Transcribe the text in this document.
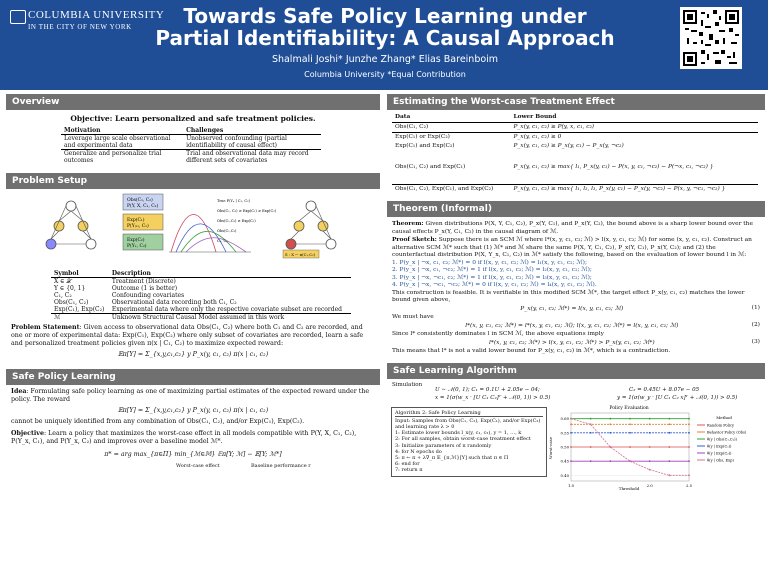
COLUMBIA UNIVERSITY
IN THE CITY OF NEW YORK	Towards Safe Policy Learning under Partial Identifiability: A Causal Approach
Shalmali Joshi* Junzhe Zhang* Elias Bareinboim
Columbia University *Equal Contribution
Overview
Objective: Learn personalized and safe treatment policies.
Motivation	Challenges
Leverage large scale observational and experimental data	Unobserved confounding (partial identifiability of causal effect)
Generalize and personalize trial outcomes	Trial and observational data may record different sets of covariates
Problem Setup
Obs(C₁, C₂)
P(Y, X, C₁, C₂)
Exp(C₁)
P(Y₍ₓ₎, C₁)
Exp(C₂)
P(Yₓ, C₂)
True P(Yₓ | C₁, C₂)
Obs(C₁, C₂) ≥ Exp(C₁) ≥ Exp(C₂)
Obs(C₁,C₂) ≥ Exp(C₁)
Obs(C₁,C₂)
C₁, C₂
S : X ← π(C₁,C₂)
Symbol	Description
X ∈ 𝒳	Treatment (Discrete)
Y ∈ {0, 1}	Outcome (1 is better)
C₁, C₂	Confounding covariates
Obs(C₁, C₂)	Observational data recording both C₁, C₂
Exp(C₁), Exp(C₂)	Experimental data where only the respective covariate subset are recorded
ℳ	Unknown Structural Causal Model assumed in this work
Problem Statement: Given access to observational data Obs(C₁, C₂) where both C₁ and C₂ are recorded, and one or more of experimental data: Exp(C₁), Exp(C₂) where only subset of covariates are recorded, learn a safe and personalized treatment policies given π(x | C₁, C₂) to maximize expected reward:
𝔼π[Y] = Σ_{x,y,c₁,c₂} y P_x(y, c₁, c₂) π(x | c₁, c₂)
Safe Policy Learning
Idea: Formulating safe policy learning as one of maximizing partial estimates of the expected reward under the policy. The reward
𝔼π[Y] = Σ_{x,y,c₁,c₂} y P_x(y, c₁, c₂) π(x | c₁, c₂)
cannot be uniquely identified from any combination of Obs(C₁, C₂), and/or Exp(C₁), Exp(C₂).
Objective: Learn a policy that maximizes the worst-case effect in all models compatible with P(Y, X, C₁, C₂), P(Y_x, C₁), and P(Y_x, C₂) and improves over a baseline model ℳ*.
π* = arg max_{π∈Π} min_{ℳ∈𝕄} 𝔼π[Y; ℳ] − 𝔼[Y; ℳ*]
Worst-case effect	Baseline performance r
Estimating the Worst-case Treatment Effect
Data	Lower Bound
Obs(C₁, C₂)	P_x(y, c₁, c₂) ≥ P(y, x, c₁, c₂)
Exp(C₁) or Exp(C₂)	P_x(y, c₁, c₂) ≥ 0
Exp(C₁) and Exp(C₂)	P_x(y, c₁, c₂) ≥ P_x(y, c₁) − P_x(y, ¬c₂)
Obs(C₁, C₂) and Exp(C₁)	P_x(y, c₁, c₂) ≥ max{ l₁, P_x(y, c₁) − P(x, y, c₁, ¬c₂) − P(¬x, c₁, ¬c₂) }
Obs(C₁, C₂), Exp(C₁), and Exp(C₂)	P_x(y, c₁, c₂) ≥ max{ l₁, l₂, l₃, P_x(y, c₁) − P_x(y, ¬c₂) − P(x, y, ¬c₁, ¬c₂) }
Theorem (Informal)
Theorem: Given distributions P(X, Y, C₁, C₂), P_x(Y, C₁), and P_x(Y, C₂), the bound above is a sharp lower bound over the causal effects P_x(Y, C₁, C₂) in the causal diagram of ℳ.
Proof Sketch: Suppose there is an SCM ℳ where l*(x, y, c₁, c₂; ℳ) > l(x, y, c₁, c₂; ℳ) for some (x, y, c₁, c₂). Construct an alternative SCM ℳ* such that (1) ℳ* and ℳ share the same P(X, Y, C₁, C₂), P_x(Y, C₁), P_x(Y, C₂); and (2) the counterfactual distribution P(X, Y_x, C₁, C₂) in ℳ* satisfy the following, based on the evaluation of lower bound l in ℳ:
1. P(y_x | ¬x, c₁, c₂; ℳ*) = 0 if l(x, y, c₁, c₂; ℳ) = l₁(x, y, c₁, c₂; ℳ);
2. P(y_x | ¬x, c₁, ¬c₂; ℳ*) = 1 if l(x, y, c₁, c₂; ℳ) = l₂(x, y, c₁, c₂; ℳ);
3. P(y_x | ¬x, ¬c₁, c₂; ℳ*) = 1 if l(x, y, c₁, c₂; ℳ) = l₃(x, y, c₁, c₂; ℳ);
4. P(y_x | ¬x, ¬c₁, ¬c₂; ℳ*) = 0 if l(x, y, c₁, c₂; ℳ) = l₄(x, y, c₁, c₂; ℳ).
This construction is feasible. It is verifiable in this modified SCM ℳ*, the target effect P_x(y, c₁, c₂) matches the lower bound given above,
P_x(y, c₁, c₂; ℳ*) = l(x, y, c₁, c₂; ℳ)	(1)
We must have
l*(x, y, c₁, c₂; ℳ*) = l*(x, y, c₁, c₂; ℳ); l(x, y, c₁, c₂; ℳ*) = l(x, y, c₁, c₂; ℳ)	(2)
Since l* consistently dominates l in SCM ℳ, the above equations imply
l*(x, y, c₁, c₂; ℳ*) > l(x, y, c₁, c₂; ℳ*) > P_x(y, c₁, c₂; ℳ*)	(3)
This means that l* is not a valid lower bound for P_x(y, c₁, c₂) in ℳ*, which is a contradiction.
Safe Learning Algorithm
Simulation
U ∼ 𝒩(0, 1); C₁ = 0.1U + 2.05e − 04;
x = 1(σ(w_x · [U C₁ C₂]ᵀ + 𝒩(0, 1)) > 0.5)
C₂ = 0.45U + 8.07e − 05
y = 1(σ(w_y · [U C₁ C₂ x]ᵀ + 𝒩(0, 1)) > 0.5)
Algorithm 2: Safe Policy Learning
Input: Samples from Obs(C₁, C₂), Exp(C₁), and/or Exp(C₂) and learning rate λ > 0
1: Estimate lower bounds l_x(y, c₁, c₂), y = 1, …, k
2: For all samples, obtain worst-case treatment effect
3: Initialize parameters of π randomly
4: for N epochs do
5: π ← π + λ∇_π 𝔼_{π,ℳ}[Y] such that π ∈ Π
6: end for
7: return π
Policy Evaluation
Worst-case
Threshold
0.60
0.55
0.50
0.45
0.40
1.0	2.0	2.5
Method
Random Policy
Behavior Policy (Obs)
θ(y | Obs(C₁,C₂))
θ(y | Exp(C₁))
θ(y | Exp(C₂))
θ(y | Obs, Exp)
